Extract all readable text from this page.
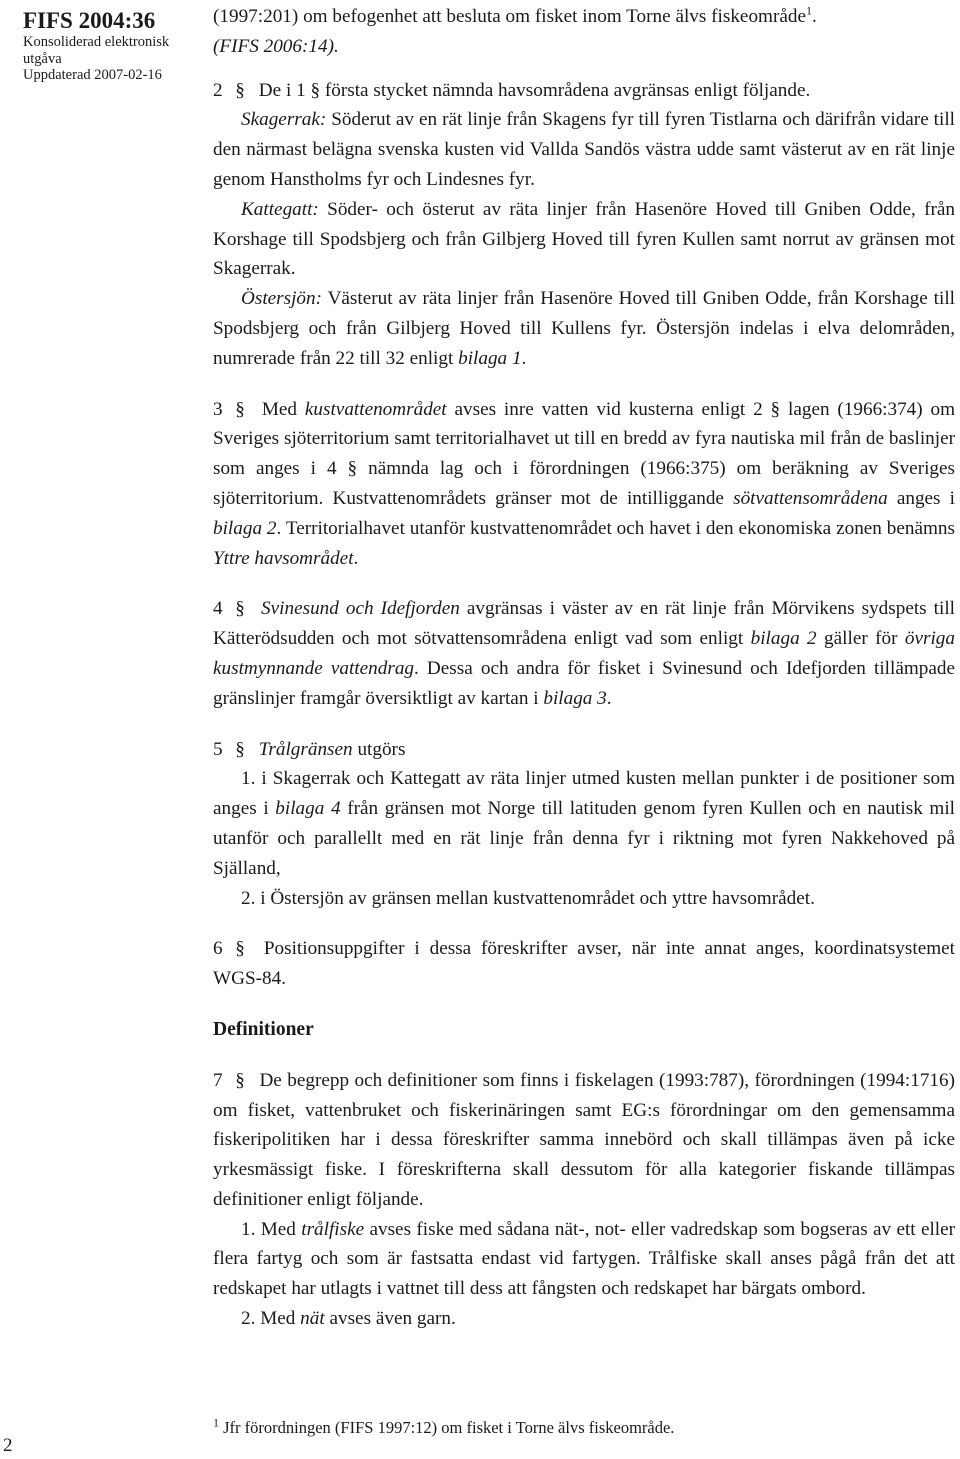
FIFS 2004:36
Konsoliderad elektronisk
utgåva
Uppdaterad 2007-02-16

(1997:201) om befogenhet att besluta om fisket inom Torne älvs fiskeområde$^1$.

(FIFS 2006:14).

2 § De i 1 § första stycket nämnda havsområdena avgränsas enligt följande.

Skagerrak: Söderut av en rät linje från Skagens fyr till fyren Tistlarna och därifrån vidare till den närmast belägna svenska kusten vid Vallda Sandös västra udde samt västerut av en rät linje genom Hanstholms fyr och Lindesnes fyr.

Kattegatt: Söder- och österut av räta linjer från Hasenöre Hoved till Gniben Odde, från Korshage till Spodsbjerg och från Gilbjerg Hoved till fyren Kullen samt norrut av gränsen mot Skagerrak.

Östersjön: Västerut av räta linjer från Hasenöre Hoved till Gniben Odde, från Korshage till Spodsbjerg och från Gilbjerg Hoved till Kullens fyr. Östersjön indelas i elva delområden, numrerade från 22 till 32 enligt bilaga 1.

3 § Med kustvattenområdet avses inre vatten vid kusterna enligt 2 § lagen (1966:374) om Sveriges sjöterritorium samt territorialhavet ut till en bredd av fyra nautiska mil från de baslinjer som anges i 4 § nämnda lag och i förordningen (1966:375) om beräkning av Sveriges sjöterritorium. Kustvattenområdets gränser mot de intilliggande sötvattensområdena anges i bilaga 2. Territorialhavet utanför kustvattenområdet och havet i den ekonomiska zonen benämns Yttre havsområdet.

4 § Svinesund och Idefjorden avgränsas i väster av en rät linje från Mörvikens sydspets till Kätterödsudden och mot sötvattensområdena enligt vad som enligt bilaga 2 gäller för övriga kustmynnande vattendrag. Dessa och andra för fisket i Svinesund och Idefjorden tillämpade gränslinjer framgår översiktligt av kartan i bilaga 3.

5 § Trålgränsen utgörs

1. i Skagerrak och Kattegatt av räta linjer utmed kusten mellan punkter i de positioner som anges i bilaga 4 från gränsen mot Norge till latituden genom fyren Kullen och en nautisk mil utanför och parallellt med en rät linje från denna fyr i riktning mot fyren Nakkehoved på Själland,

2. i Östersjön av gränsen mellan kustvattenområdet och yttre havsområdet.

6 § Positionsuppgifter i dessa föreskrifter avser, när inte annat anges, koordinatsystemet WGS-84.

Definitioner

7 § De begrepp och definitioner som finns i fiskelagen (1993:787), förordningen (1994:1716) om fisket, vattenbruket och fiskerinäringen samt EG:s förordningar om den gemensamma fiskeripolitiken har i dessa föreskrifter samma innebörd och skall tillämpas även på icke yrkesmässigt fiske. I föreskrifterna skall dessutom för alla kategorier fiskande tillämpas definitioner enligt följande.

1. Med trålfiske avses fiske med sådana nät-, not- eller vadredskap som bogseras av ett eller flera fartyg och som är fastsatta endast vid fartygen. Trålfiske skall anses pågå från det att redskapet har utlagts i vattnet till dess att fångsten och redskapet har bärgats ombord.

2. Med nät avses även garn.

$^1$ Jfr förordningen (FIFS 1997:12) om fisket i Torne älvs fiskeområde.
2
